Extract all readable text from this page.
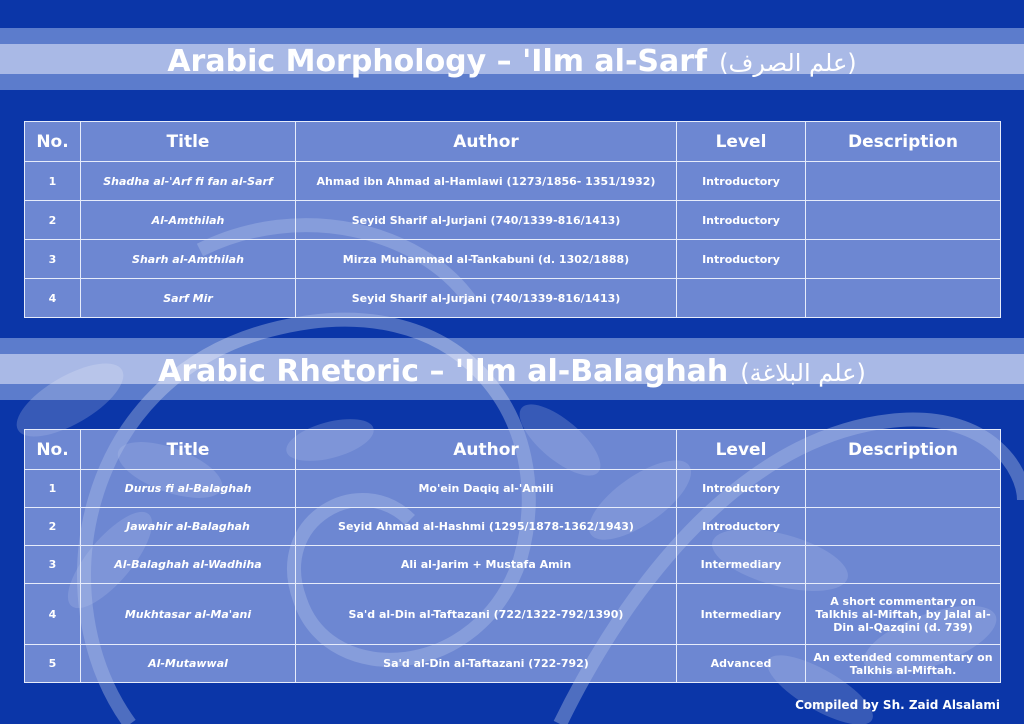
Arabic Morphology – 'Ilm al-Sarf (علم الصرف)
No.	Title	Author	Level	Description
1	Shadha al-'Arf fi fan al-Sarf	Ahmad ibn Ahmad al-Hamlawi (1273/1856- 1351/1932)	Introductory	
2	Al-Amthilah	Seyid Sharif al-Jurjani (740/1339-816/1413)	Introductory	
3	Sharh al-Amthilah	Mirza Muhammad al-Tankabuni (d. 1302/1888)	Introductory	
4	Sarf Mir	Seyid Sharif al-Jurjani (740/1339-816/1413)		
Arabic Rhetoric – 'Ilm al-Balaghah (علم البلاغة)
No.	Title	Author	Level	Description
1	Durus fi al-Balaghah	Mo'ein Daqiq al-'Amili	Introductory	
2	Jawahir al-Balaghah	Seyid Ahmad al-Hashmi (1295/1878-1362/1943)	Introductory	
3	Al-Balaghah al-Wadhiha	Ali al-Jarim + Mustafa Amin	Intermediary	
4	Mukhtasar al-Ma'ani	Sa'd al-Din al-Taftazani (722/1322-792/1390)	Intermediary	A short commentary on Talkhis al-Miftah, by Jalal al-Din al-Qazqini (d. 739)
5	Al-Mutawwal	Sa'd al-Din al-Taftazani (722-792)	Advanced	An extended commentary on Talkhis al-Miftah.
Compiled by Sh. Zaid Alsalami
